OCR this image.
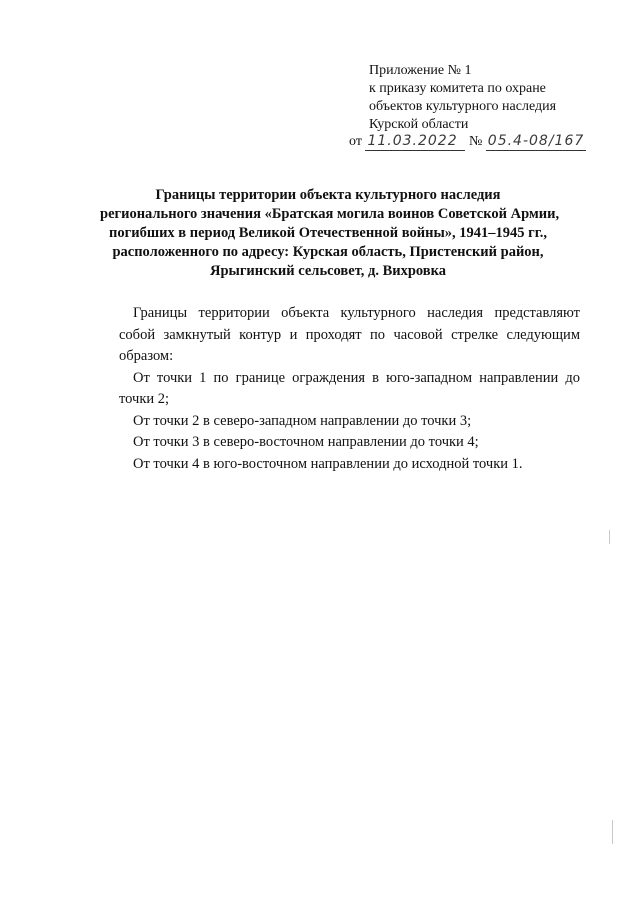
Приложение № 1
к приказу комитета по охране
объектов культурного наследия
Курской области
от 11.03.2022 № 05.4-08/167
Границы территории объекта культурного наследия
регионального значения «Братская могила воинов Советской Армии,
погибших в период Великой Отечественной войны», 1941–1945 гг.,
расположенного по адресу: Курская область, Пристенский район,
Ярыгинский сельсовет, д. Вихровка

Границы территории объекта культурного наследия представляют собой замкнутый контур и проходят по часовой стрелке следующим образом:

От точки 1 по границе ограждения в юго-западном направлении до точки 2;

От точки 2 в северо-западном направлении до точки 3;

От точки 3 в северо-восточном направлении до точки 4;

От точки 4 в юго-восточном направлении до исходной точки 1.
